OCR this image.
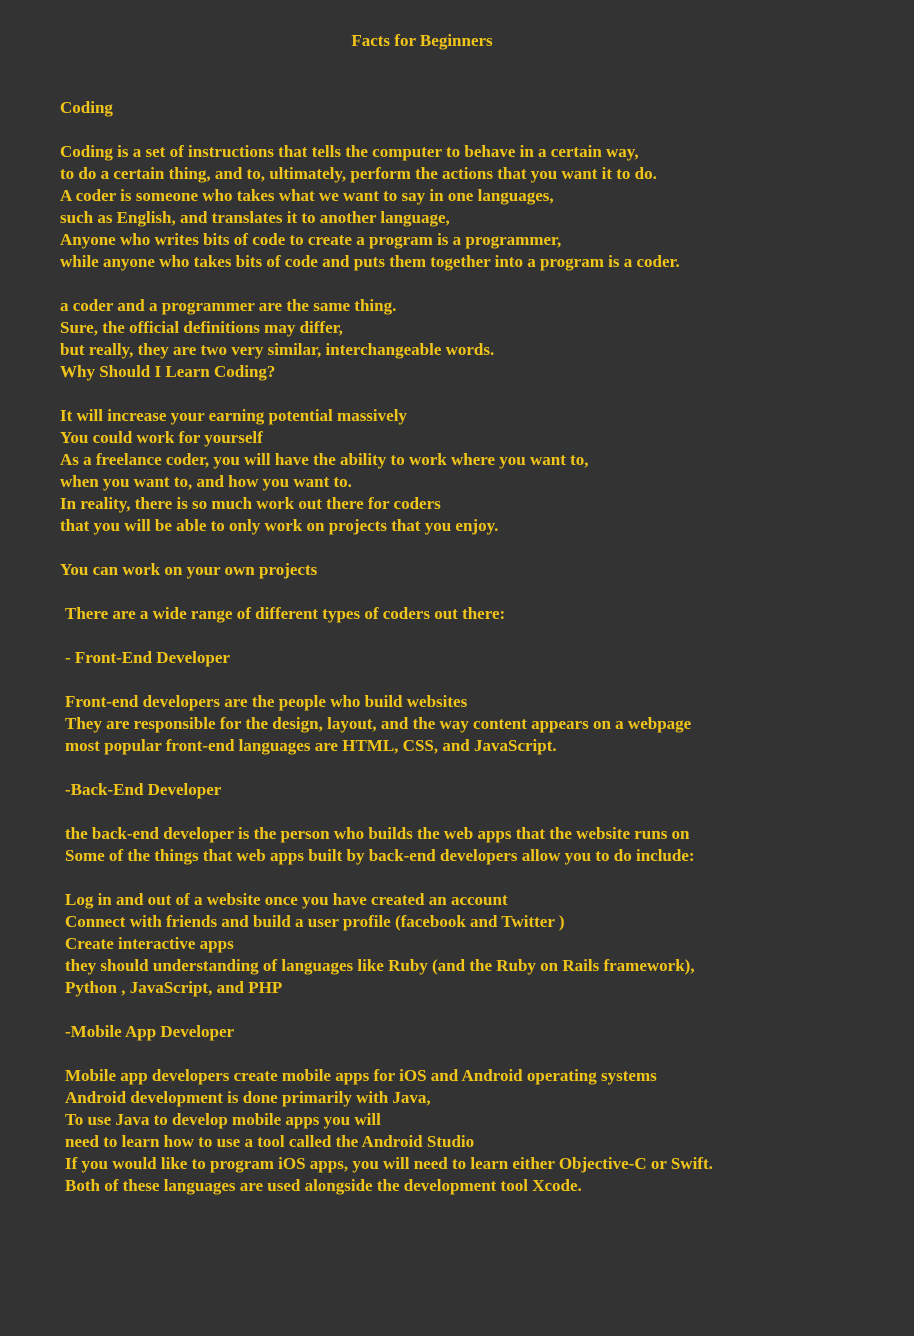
Facts for Beginners

Coding

Coding is a set of instructions that tells the computer to behave in a certain way,

to do a certain thing, and to, ultimately, perform the actions that you want it to do.

A coder is someone who takes what we want to say in one languages,

such as English, and translates it to another language,

Anyone who writes bits of code to create a program is a programmer,

while anyone who takes bits of code and puts them together into a program is a coder.

a coder and a programmer are the same thing.

Sure, the official definitions may differ,

but really, they are two very similar, interchangeable words.

Why Should I Learn Coding?

It will increase your earning potential massively

You could work for yourself

As a freelance coder, you will have the ability to work where you want to,

when you want to, and how you want to.

In reality, there is so much work out there for coders

that you will be able to only work on projects that you enjoy.

You can work on your own projects

There are a wide range of different types of coders out there:

- Front-End Developer

Front-end developers are the people who build websites

They are responsible for the design, layout, and the way content appears on a webpage

most popular front-end languages are HTML, CSS, and JavaScript.

-Back-End Developer

the back-end developer is the person who builds the web apps that the website runs on

Some of the things that web apps built by back-end developers allow you to do include:

Log in and out of a website once you have created an account

Connect with friends and build a user profile (facebook and Twitter )

Create interactive apps

they should understanding of languages like Ruby (and the Ruby on Rails framework),

Python , JavaScript, and PHP

-Mobile App Developer

Mobile app developers create mobile apps for iOS and Android operating systems

Android development is done primarily with Java,

To use Java to develop mobile apps you will

need to learn how to use a tool called the Android Studio

If you would like to program iOS apps, you will need to learn either Objective-C or Swift.

Both of these languages are used alongside the development tool Xcode.
